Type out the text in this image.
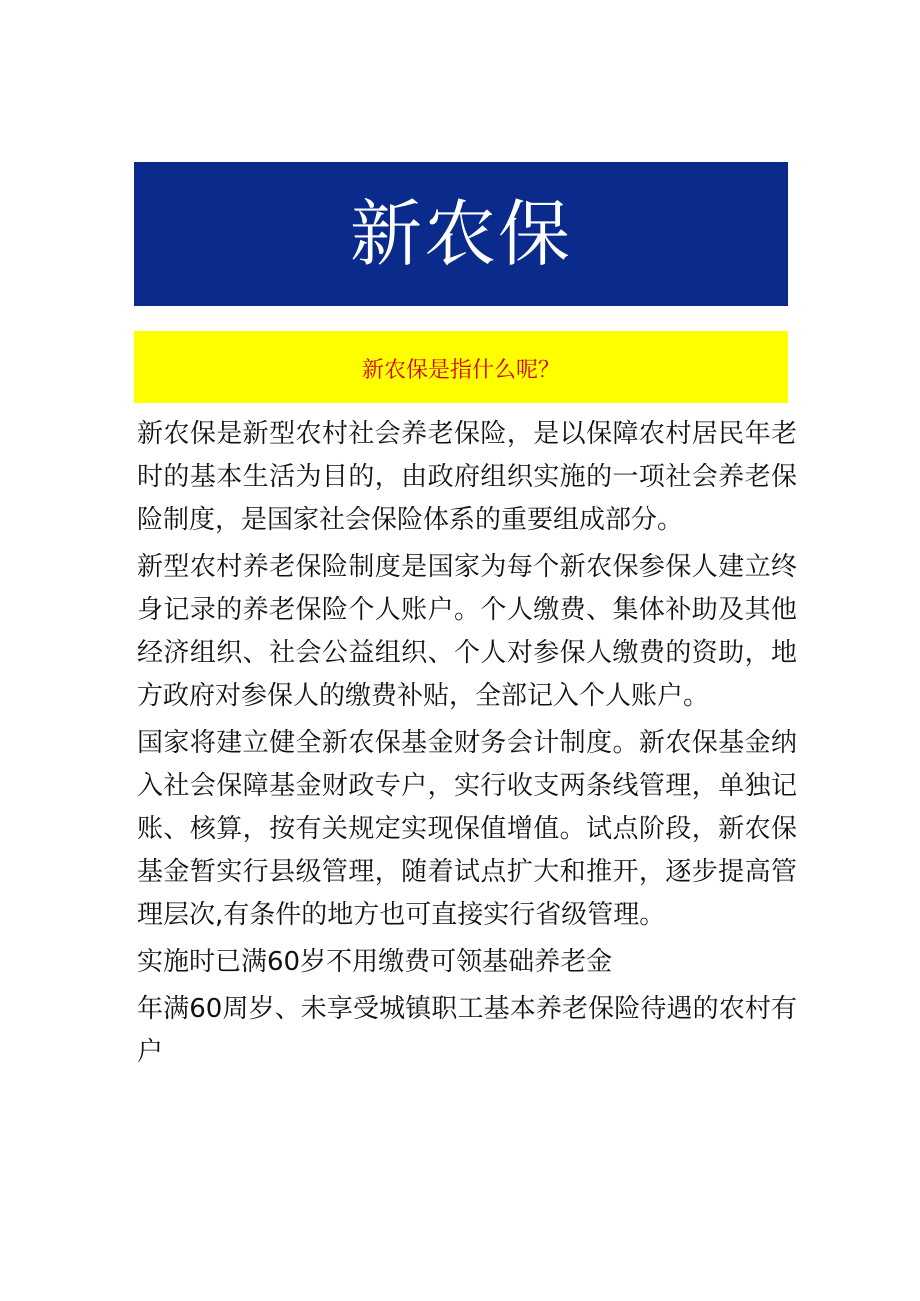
新农保
新农保是指什么呢？

新农保是新型农村社会养老保险，是以保障农村居民年老时的基本生活为目的，由政府组织实施的一项社会养老保险制度，是国家社会保险体系的重要组成部分。

新型农村养老保险制度是国家为每个新农保参保人建立终身记录的养老保险个人账户。个人缴费、集体补助及其他经济组织、社会公益组织、个人对参保人缴费的资助，地方政府对参保人的缴费补贴，全部记入个人账户。

国家将建立健全新农保基金财务会计制度。新农保基金纳入社会保障基金财政专户，实行收支两条线管理，单独记账、核算，按有关规定实现保值增值。试点阶段，新农保基金暂实行县级管理，随着试点扩大和推开，逐步提高管理层次,有条件的地方也可直接实行省级管理。

实施时已满60岁不用缴费可领基础养老金

年满60周岁、未享受城镇职工基本养老保险待遇的农村有户
